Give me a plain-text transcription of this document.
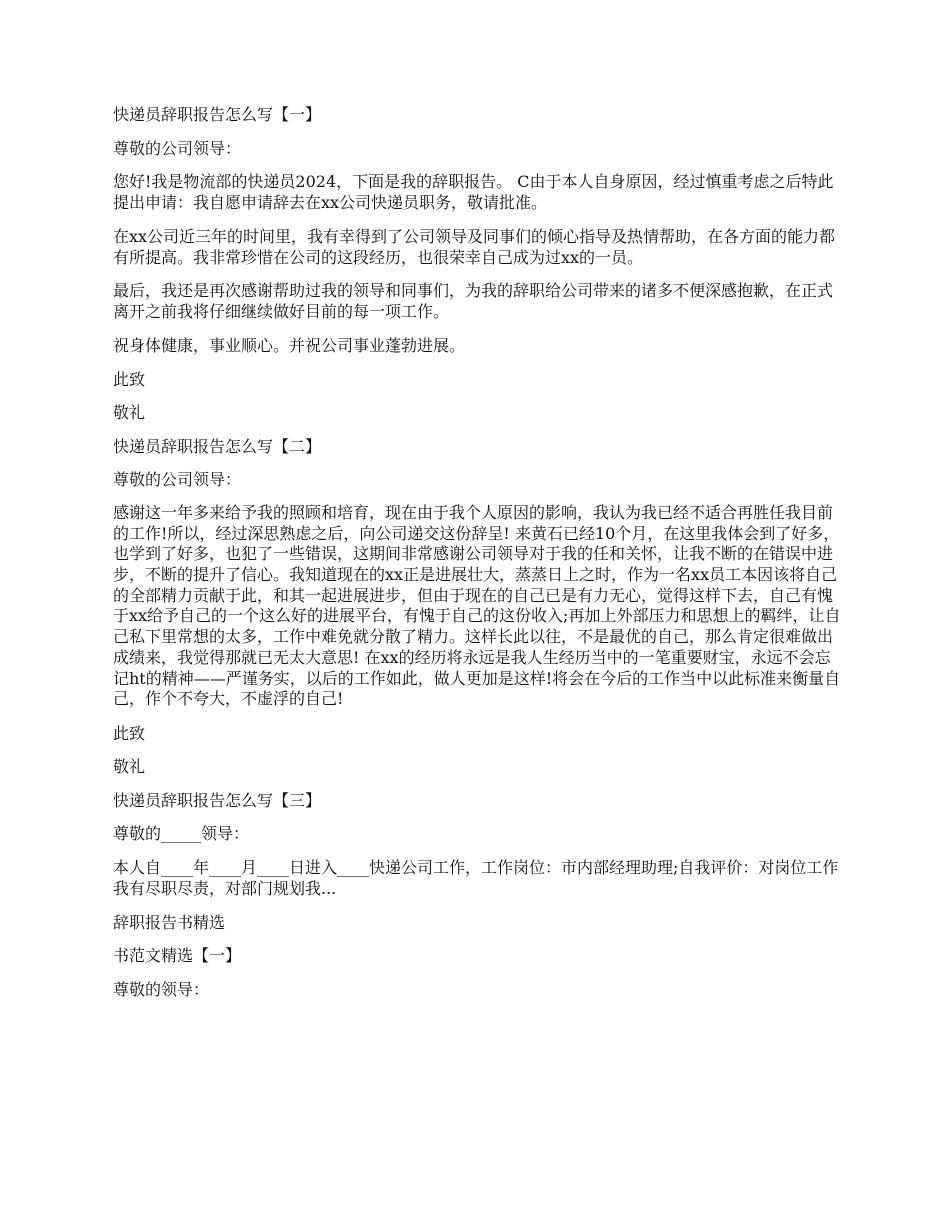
快递员辞职报告怎么写【一】

尊敬的公司领导：

您好!我是物流部的快递员2024，下面是我的辞职报告。 C由于本人自身原因，经过慎重考虑之后特此提出申请：我自愿申请辞去在xx公司快递员职务，敬请批准。

在xx公司近三年的时间里，我有幸得到了公司领导及同事们的倾心指导及热情帮助，在各方面的能力都有所提高。我非常珍惜在公司的这段经历，也很荣幸自己成为过xx的一员。

最后，我还是再次感谢帮助过我的领导和同事们，为我的辞职给公司带来的诸多不便深感抱歉，在正式离开之前我将仔细继续做好目前的每一项工作。

祝身体健康，事业顺心。并祝公司事业蓬勃进展。

此致

敬礼

快递员辞职报告怎么写【二】

尊敬的公司领导：

感谢这一年多来给予我的照顾和培育，现在由于我个人原因的影响，我认为我已经不适合再胜任我目前的工作!所以，经过深思熟虑之后，向公司递交这份辞呈! 来黄石已经10个月，在这里我体会到了好多，也学到了好多，也犯了一些错误，这期间非常感谢公司领导对于我的任和关怀，让我不断的在错误中进步，不断的提升了信心。我知道现在的xx正是进展壮大，蒸蒸日上之时，作为一名xx员工本因该将自己的全部精力贡献于此，和其一起进展进步，但由于现在的自己已是有力无心，觉得这样下去，自己有愧于xx给予自己的一个这么好的进展平台，有愧于自己的这份收入;再加上外部压力和思想上的羁绊，让自己私下里常想的太多，工作中难免就分散了精力。这样长此以往，不是最优的自己，那么肯定很难做出成绩来，我觉得那就已无太大意思! 在xx的经历将永远是我人生经历当中的一笔重要财宝，永远不会忘记ht的精神——严谨务实，以后的工作如此，做人更加是这样!将会在今后的工作当中以此标准来衡量自己，作个不夸大，不虚浮的自己!

此致

敬礼

快递员辞职报告怎么写【三】

尊敬的_____领导：

本人自____年____月____日进入____快递公司工作，工作岗位：市内部经理助理;自我评价：对岗位工作我有尽职尽责，对部门规划我...

辞职报告书精选

书范文精选【一】

尊敬的领导：
